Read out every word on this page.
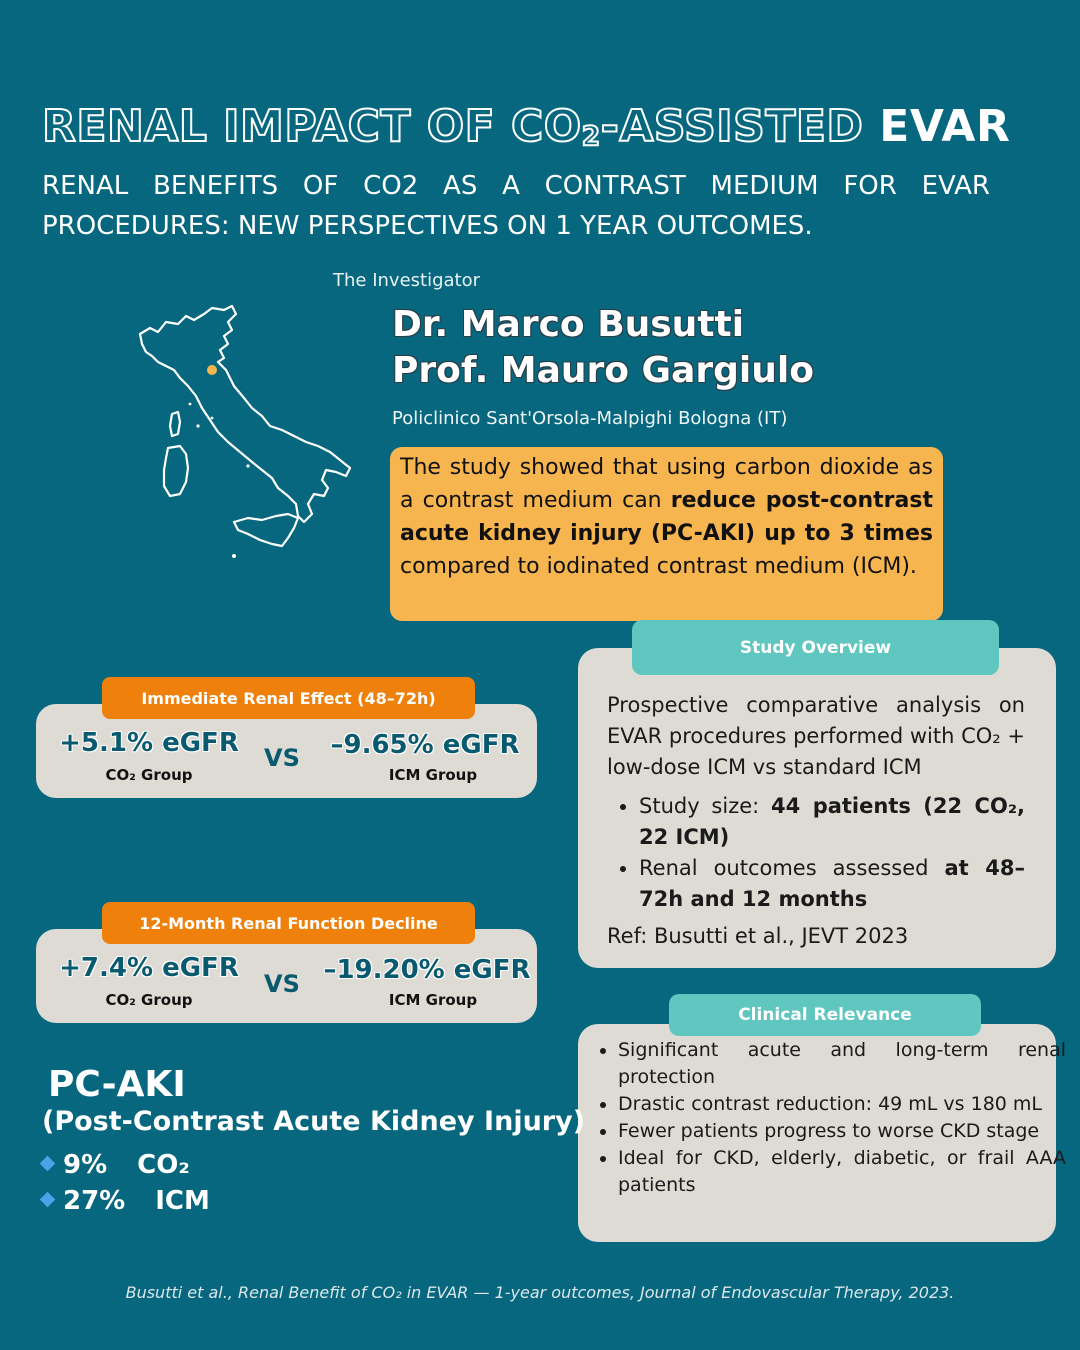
RENAL IMPACT OF $CO_2$-ASSISTED EVAR
RENAL BENEFITS OF CO2 AS A CONTRAST MEDIUM FOR EVAR PROCEDURES: NEW PERSPECTIVES ON 1 YEAR OUTCOMES.
The Investigator
Dr. Marco Busutti
Prof. Mauro Gargiulo
Policlinico Sant'Orsola-Malpighi Bologna (IT)
The study showed that using carbon dioxide as a contrast medium can reduce post-contrast acute kidney injury (PC-AKI) up to 3 times compared to iodinated contrast medium (ICM).
Immediate Renal Effect (48–72h)
+5.1% eGFR
CO₂ Group
VS	–9.65% eGFR
ICM Group
12-Month Renal Function Decline
+7.4% eGFR
CO₂ Group
VS –19.20% eGFR
ICM Group
Study Overview
Prospective comparative analysis on EVAR procedures performed with CO₂ + low-dose ICM vs standard ICM
• Study size: 44 patients (22 CO₂, 22 ICM)
• Renal outcomes assessed at 48–72h and 12 months
Ref: Busutti et al., JEVT 2023
Clinical Relevance
• Significant acute and long-term renal protection
• Drastic contrast reduction: 49 mL vs 180 mL
• Fewer patients progress to worse CKD stage
• Ideal for CKD, elderly, diabetic, or frail AAA patients
PC-AKI
(Post-Contrast Acute Kidney Injury)
9% CO₂
27% ICM
Busutti et al., Renal Benefit of CO₂ in EVAR — 1-year outcomes, Journal of Endovascular Therapy, 2023.
